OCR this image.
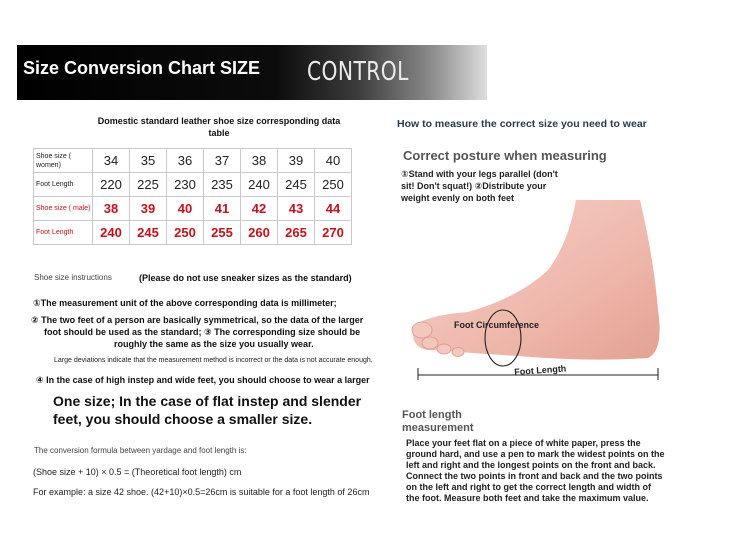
Size Conversion Chart SIZE CONTROL
Domestic standard leather shoe size corresponding data table
Shoe size ( women)	34	35	36	37	38	39	40
Foot Length	220	225	230	235	240	245	250
Shoe size ( male)	38	39	40	41	42	43	44
Foot Length	240	245	250	255	260	265	270
Shoe size instructions	(Please do not use sneaker sizes as the standard)
①The measurement unit of the above corresponding data is millimeter;
② The two feet of a person are basically symmetrical, so the data of the larger
foot should be used as the standard; ③ The corresponding size should be
roughly the same as the size you usually wear.
Large deviations indicate that the measurement method is incorrect or the data is not accurate enough.
④ In the case of high instep and wide feet, you should choose to wear a larger
One size; In the case of flat instep and slender
feet, you should choose a smaller size.
The conversion formula between yardage and foot length is:
(Shoe size + 10) × 0.5 = (Theoretical foot length) cm
For example: a size 42 shoe. (42+10)×0.5=26cm is suitable for a foot length of 26cm
How to measure the correct size you need to wear
Correct posture when measuring
①Stand with your legs parallel (don't
sit! Don't squat!) ②Distribute your
weight evenly on both feet
Foot Circumference
Foot Length
Foot length
measurement
Place your feet flat on a piece of white paper, press the
ground hard, and use a pen to mark the widest points on the
left and right and the longest points on the front and back.
Connect the two points in front and back and the two points
on the left and right to get the correct length and width of
the foot. Measure both feet and take the maximum value.
